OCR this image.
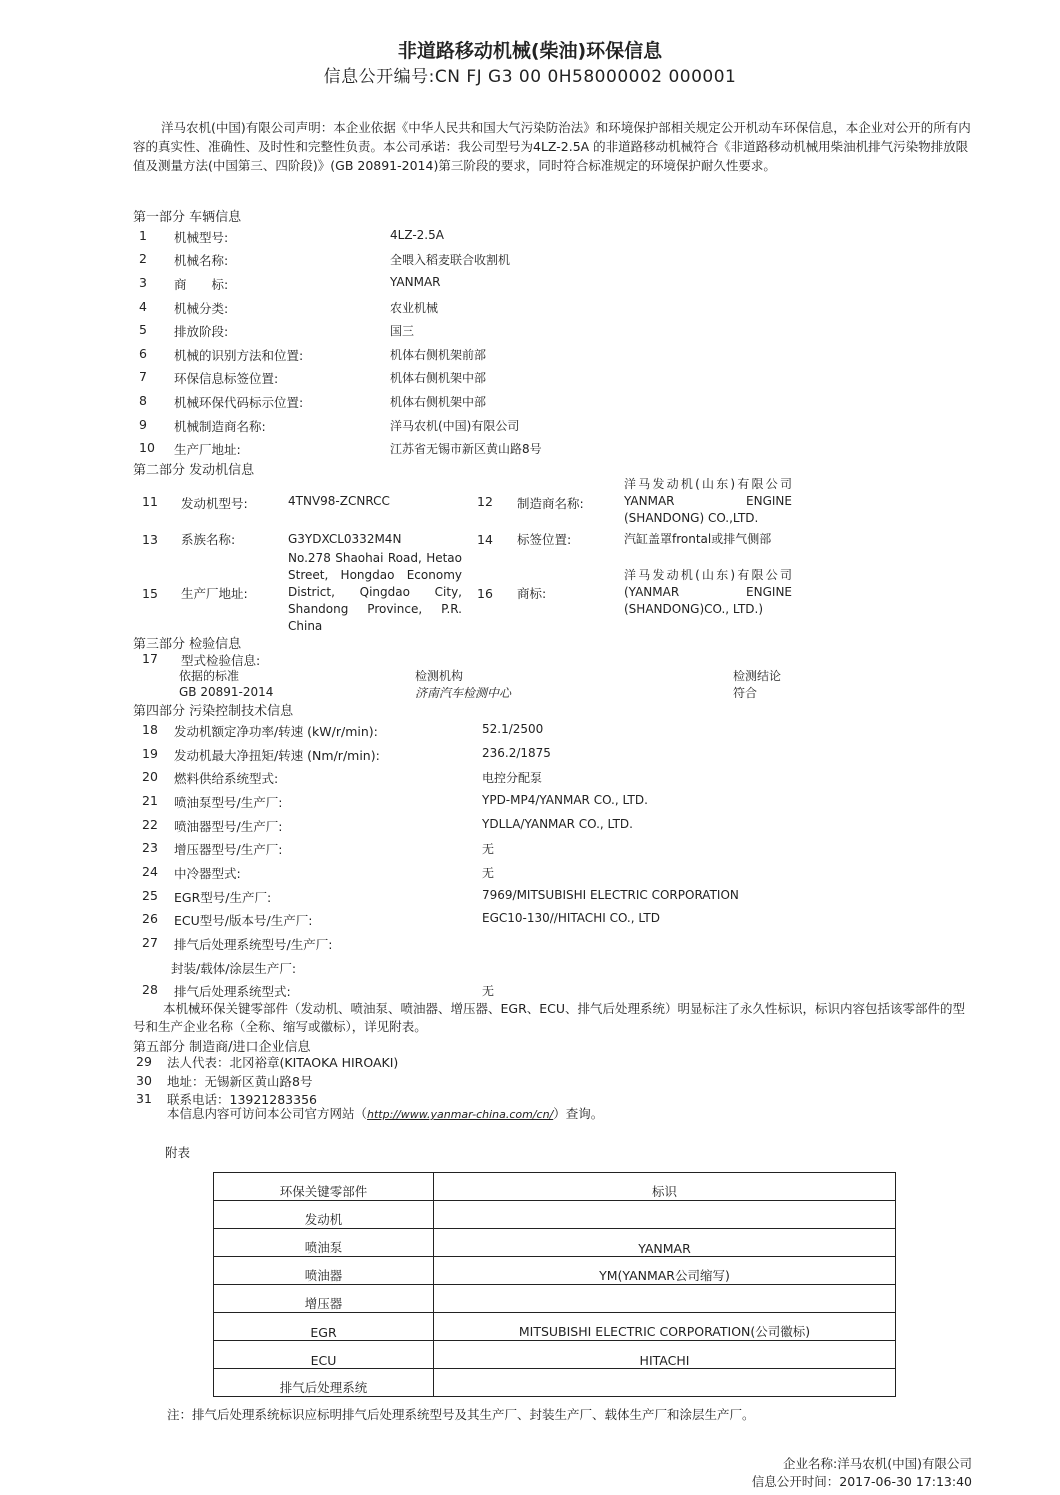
非道路移动机械(柴油)环保信息
信息公开编号:CN FJ G3 00 0H58000002 000001
洋马农机(中国)有限公司声明：本企业依据《中华人民共和国大气污染防治法》和环境保护部相关规定公开机动车环保信息，本企业对公开的所有内容的真实性、准确性、及时性和完整性负责。本公司承诺：我公司型号为4LZ-2.5A 的非道路移动机械符合《非道路移动机械用柴油机排气污染物排放限值及测量方法(中国第三、四阶段)》(GB 20891-2014)第三阶段的要求，同时符合标准规定的环境保护耐久性要求。
第一部分 车辆信息
1 机械型号:	4LZ-2.5A
2 机械名称:	全喂入稻麦联合收割机
3 商　　标:	YANMAR
4 机械分类:	农业机械
5 排放阶段:	国三
6 机械的识别方法和位置:	机体右侧机架前部
7 环保信息标签位置:	机体右侧机架中部
8 机械环保代码标示位置:	机体右侧机架中部
9 机械制造商名称:	洋马农机(中国)有限公司
10 生产厂地址:	江苏省无锡市新区黄山路8号
第二部分 发动机信息
11 发动机型号:	4TNV98-ZCNRCC	12 制造商名称:
洋马发动机(山东)有限公司 YANMAR ENGINE (SHANDONG) CO.,LTD.
13 系族名称:	G3YDXCL0332M4N	14 标签位置:	汽缸盖罩frontal或排气侧部
15 生产厂地址:
No.278 Shaohai Road, Hetao Street, Hongdao Economy District, Qingdao City, Shandong Province, P.R. China
16 商标:
洋马发动机(山东)有限公司 (YANMAR ENGINE (SHANDONG)CO., LTD.)
第三部分 检验信息
17 型式检验信息:
依据的标准	检测机构	检测结论
GB 20891-2014	济南汽车检测中心	符合
第四部分 污染控制技术信息
18 发动机额定净功率/转速 (kW/r/min):	52.1/2500
19 发动机最大净扭矩/转速 (Nm/r/min):	236.2/1875
20 燃料供给系统型式:	电控分配泵
21 喷油泵型号/生产厂:	YPD-MP4/YANMAR CO., LTD.
22 喷油器型号/生产厂:	YDLLA/YANMAR CO., LTD.
23 增压器型号/生产厂:	无
24 中冷器型式:	无
25 EGR型号/生产厂:	7969/MITSUBISHI ELECTRIC CORPORATION
26 ECU型号/版本号/生产厂:	EGC10-130//HITACHI CO., LTD
27 排气后处理系统型号/生产厂:
封装/载体/涂层生产厂:
28 排气后处理系统型式:	无
本机械环保关键零部件（发动机、喷油泵、喷油器、增压器、EGR、ECU、排气后处理系统）明显标注了永久性标识，标识内容包括该零部件的型号和生产企业名称（全称、缩写或徽标），详见附表。
第五部分 制造商/进口企业信息
29 法人代表：北冈裕章(KITAOKA HIROAKI)
30 地址：无锡新区黄山路8号
31 联系电话：13921283356
本信息内容可访问本公司官方网站（http://www.yanmar-china.com/cn/）查询。
附表
环保关键零部件	标识
发动机	
喷油泵	YANMAR
喷油器	YM(YANMAR公司缩写)
增压器	
EGR	MITSUBISHI ELECTRIC CORPORATION(公司徽标)
ECU	HITACHI
排气后处理系统	
注：排气后处理系统标识应标明排气后处理系统型号及其生产厂、封装生产厂、载体生产厂和涂层生产厂。
企业名称:洋马农机(中国)有限公司
信息公开时间：2017-06-30 17:13:40
